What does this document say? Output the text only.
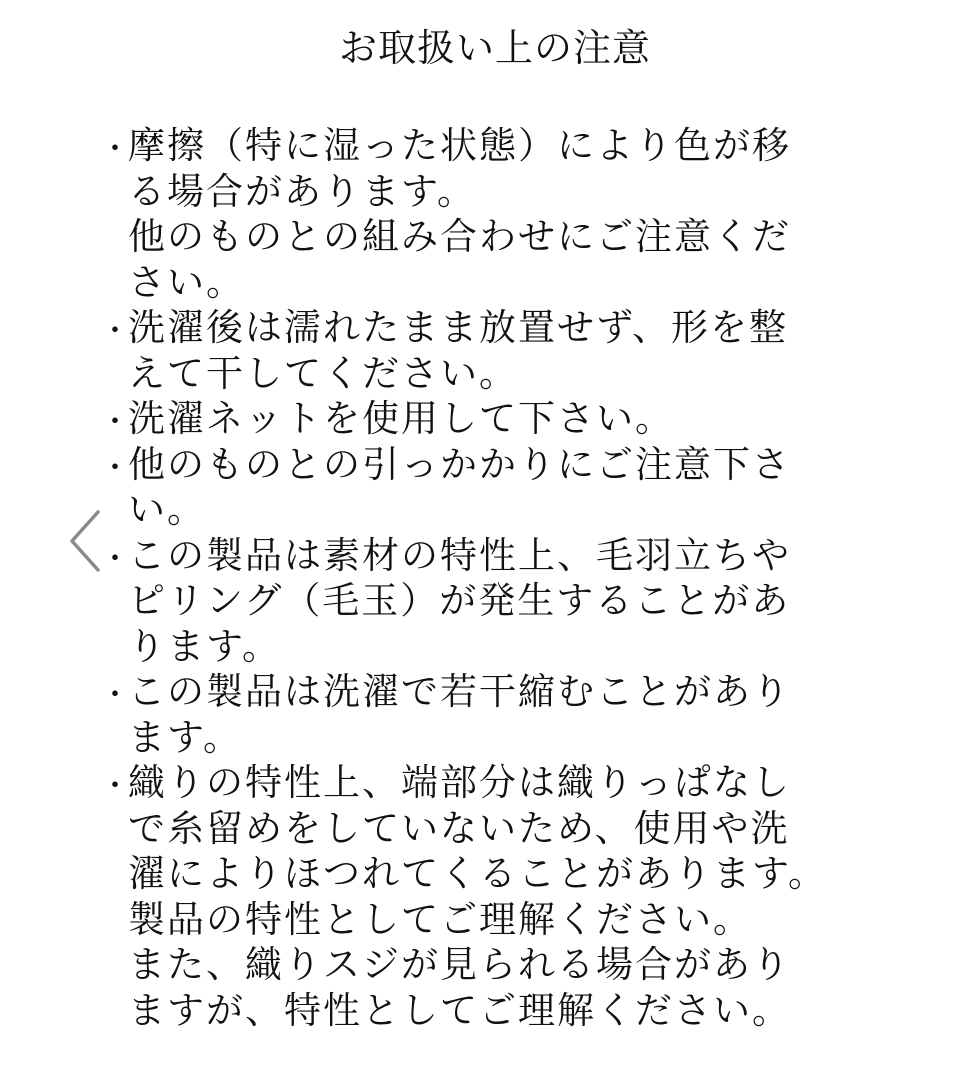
お取扱い上の注意
・
摩擦（特に湿った状態）により色が移
る場合があります。
他のものとの組み合わせにご注意くだ
さい。
・
洗濯後は濡れたまま放置せず、形を整
えて干してください。
・
洗濯ネットを使用して下さい。
・
他のものとの引っかかりにご注意下さ
い。
・
この製品は素材の特性上、毛羽立ちや
ピリング（毛玉）が発生することがあ
ります。
・
この製品は洗濯で若干縮むことがあり
ます。
・
織りの特性上、端部分は織りっぱなし
で糸留めをしていないため、使用や洗
濯によりほつれてくることがあります。
製品の特性としてご理解ください。
また、織りスジが見られる場合があり
ますが、特性としてご理解ください。
